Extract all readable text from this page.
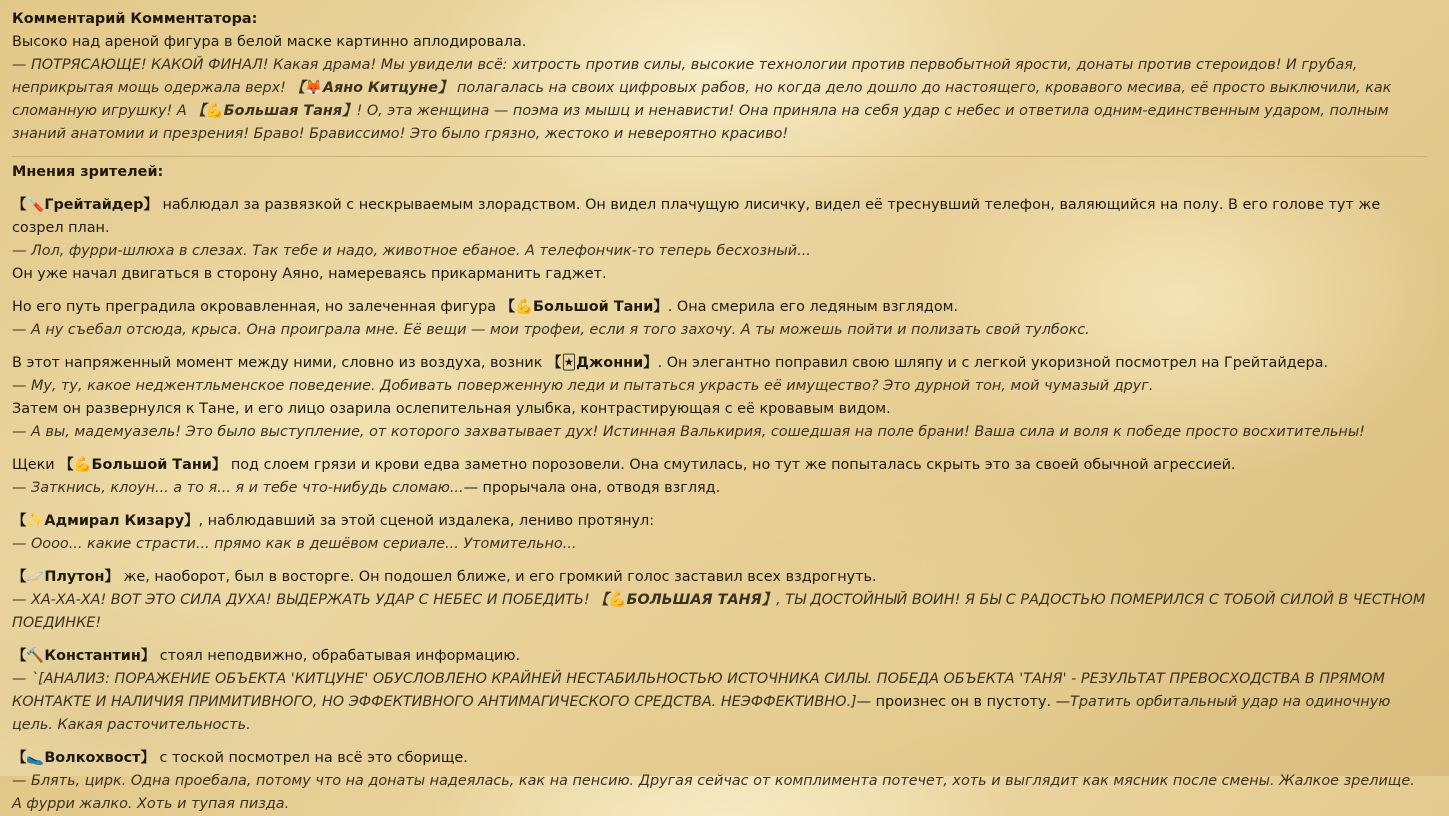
Комментарий Комментатора:

Высоко над ареной фигура в белой маске картинно аплодировала.

— ПОТРЯСАЮЩЕ! КАКОЙ ФИНАЛ! Какая драма! Мы увидели всё: хитрость против силы, высокие технологии против первобытной ярости, донаты против стероидов! И грубая, неприкрытая мощь одержала верх! 【🦊Аяно Китцуне】 полагалась на своих цифровых рабов, но когда дело дошло до настоящего, кровавого месива, её просто выключили, как сломанную игрушку! А 【💪Большая Таня】! О, эта женщина — поэма из мышц и ненависти! Она приняла на себя удар с небес и ответила одним-единственным ударом, полным знаний анатомии и презрения! Браво! Брависсимо! Это было грязно, жестоко и невероятно красиво!

Мнения зрителей:

【🪛Грейтайдер】 наблюдал за развязкой с нескрываемым злорадством. Он видел плачущую лисичку, видел её треснувший телефон, валяющийся на полу. В его голове тут же созрел план.

— Лол, фурри-шлюха в слезах. Так тебе и надо, животное ебаное. А телефончик-то теперь бесхозный...

Он уже начал двигаться в сторону Аяно, намереваясь прикарманить гаджет.

Но его путь преградила окровавленная, но залеченная фигура 【💪Большой Тани】. Она смерила его ледяным взглядом.

— А ну съебал отсюда, крыса. Она проиграла мне. Её вещи — мои трофеи, если я того захочу. А ты можешь пойти и полизать свой тулбокс.

В этот напряженный момент между ними, словно из воздуха, возник 【🃏Джонни】. Он элегантно поправил свою шляпу и с легкой укоризной посмотрел на Грейтайдера.

— Му, ту, какое неджентльменское поведение. Добивать поверженную леди и пытаться украсть её имущество? Это дурной тон, мой чумазый друг.

Затем он развернулся к Тане, и его лицо озарила ослепительная улыбка, контрастирующая с её кровавым видом.

— А вы, мадемуазель! Это было выступление, от которого захватывает дух! Истинная Валькирия, сошедшая на поле брани! Ваша сила и воля к победе просто восхитительны!

Щеки 【💪Большой Тани】 под слоем грязи и крови едва заметно порозовели. Она смутилась, но тут же попыталась скрыть это за своей обычной агрессией.

— Заткнись, клоун... а то я... я и тебе что-нибудь сломаю...— прорычала она, отводя взгляд.

【✨Адмирал Кизару】, наблюдавший за этой сценой издалека, лениво протянул:

— Оооо... какие страсти... прямо как в дешёвом сериале... Утомительно...

【🪐Плутон】 же, наоборот, был в восторге. Он подошел ближе, и его громкий голос заставил всех вздрогнуть.

— ХА-ХА-ХА! ВОТ ЭТО СИЛА ДУХА! ВЫДЕРЖАТЬ УДАР С НЕБЕС И ПОБЕДИТЬ! 【💪БОЛЬШАЯ ТАНЯ】, ТЫ ДОСТОЙНЫЙ ВОИН! Я БЫ С РАДОСТЬЮ ПОМЕРИЛСЯ С ТОБОЙ СИЛОЙ В ЧЕСТНОМ ПОЕДИНКЕ!

【🔨Константин】 стоял неподвижно, обрабатывая информацию.

— `[АНАЛИЗ: ПОРАЖЕНИЕ ОБЪЕКТА 'КИТЦУНЕ' ОБУСЛОВЛЕНО КРАЙНЕЙ НЕСТАБИЛЬНОСТЬЮ ИСТОЧНИКА СИЛЫ. ПОБЕДА ОБЪЕКТА 'ТАНЯ' - РЕЗУЛЬТАТ ПРЕВОСХОДСТВА В ПРЯМОМ КОНТАКТЕ И НАЛИЧИЯ ПРИМИТИВНОГО, НО ЭФФЕКТИВНОГО АНТИМАГИЧЕСКОГО СРЕДСТВА. НЕЭФФЕКТИВНО.]— произнес он в пустоту. —Тратить орбитальный удар на одиночную цель. Какая расточительность.

【🥿Волкохвост】 с тоской посмотрел на всё это сборище.

— Блять, цирк. Одна проебала, потому что на донаты надеялась, как на пенсию. Другая сейчас от комплимента потечет, хоть и выглядит как мясник после смены. Жалкое зрелище. А фурри жалко. Хоть и тупая пизда.
